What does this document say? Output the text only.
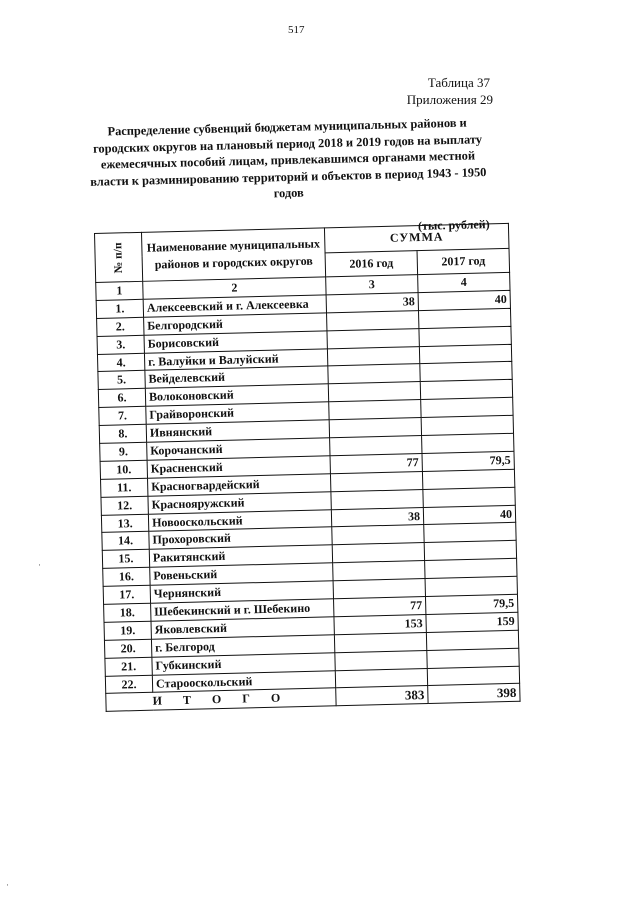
517
Таблица 37
Приложения 29
Распределение субвенций бюджетам муниципальных районов и
городских округов на плановый период 2018 и 2019 годов на выплату
ежемесячных пособий лицам, привлекавшимся органами местной
власти к разминированию территорий и объектов в период 1943 - 1950
годов
(тыс. рублей)
№ п/п	Наименование муниципальных районов и городских округов	СУММА	
		2016 год	2017 год
1	2	3	4
1.	Алексеевский и г. Алексеевка	38	40
2.	Белгородский		
3.	Борисовский		
4.	г. Валуйки и Валуйский		
5.	Вейделевский		
6.	Волоконовский		
7.	Грайворонский		
8.	Ивнянский		
9.	Корочанский		
10.	Красненский	77	79,5
11.	Красногвардейский		
12.	Краснояружский		
13.	Новооскольский	38	40
14.	Прохоровский		
15.	Ракитянский		
16.	Ровеньский		
17.	Чернянский		
18.	Шебекинский и г. Шебекино	77	79,5
19.	Яковлевский	153	159
20.	г. Белгород		
21.	Губкинский		
22.	Старооскольский		
И Т О Г О		383	398
·
·
